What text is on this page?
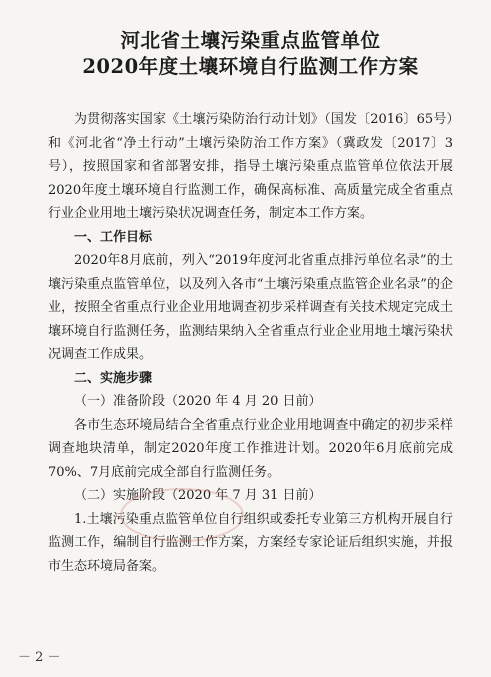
河北省土壤污染重点监管单位

2020年度土壤环境自行监测工作方案

为贯彻落实国家《土壤污染防治行动计划》（国发〔2016〕65号）和《河北省“净土行动”土壤污染防治工作方案》（冀政发〔2017〕3号），按照国家和省部署安排，指导土壤污染重点监管单位依法开展2020年度土壤环境自行监测工作，确保高标准、高质量完成全省重点行业企业用地土壤污染状况调查任务，制定本工作方案。

一、工作目标

2020年8月底前，列入“2019年度河北省重点排污单位名录”的土壤污染重点监管单位，以及列入各市“土壤污染重点监管企业名录”的企业，按照全省重点行业企业用地调查初步采样调查有关技术规定完成土壤环境自行监测任务，监测结果纳入全省重点行业企业用地土壤污染状况调查工作成果。

二、实施步骤

（一）准备阶段（2020 年 4 月 20 日前）

各市生态环境局结合全省重点行业企业用地调查中确定的初步采样调查地块清单，制定2020年度工作推进计划。2020年6月底前完成70%、7月底前完成全部自行监测任务。

（二）实施阶段（2020 年 7 月 31 日前）

1.土壤污染重点监管单位自行组织或委托专业第三方机构开展自行监测工作，编制自行监测工作方案，方案经专家论证后组织实施，并报市生态环境局备案。

－ 2 －
